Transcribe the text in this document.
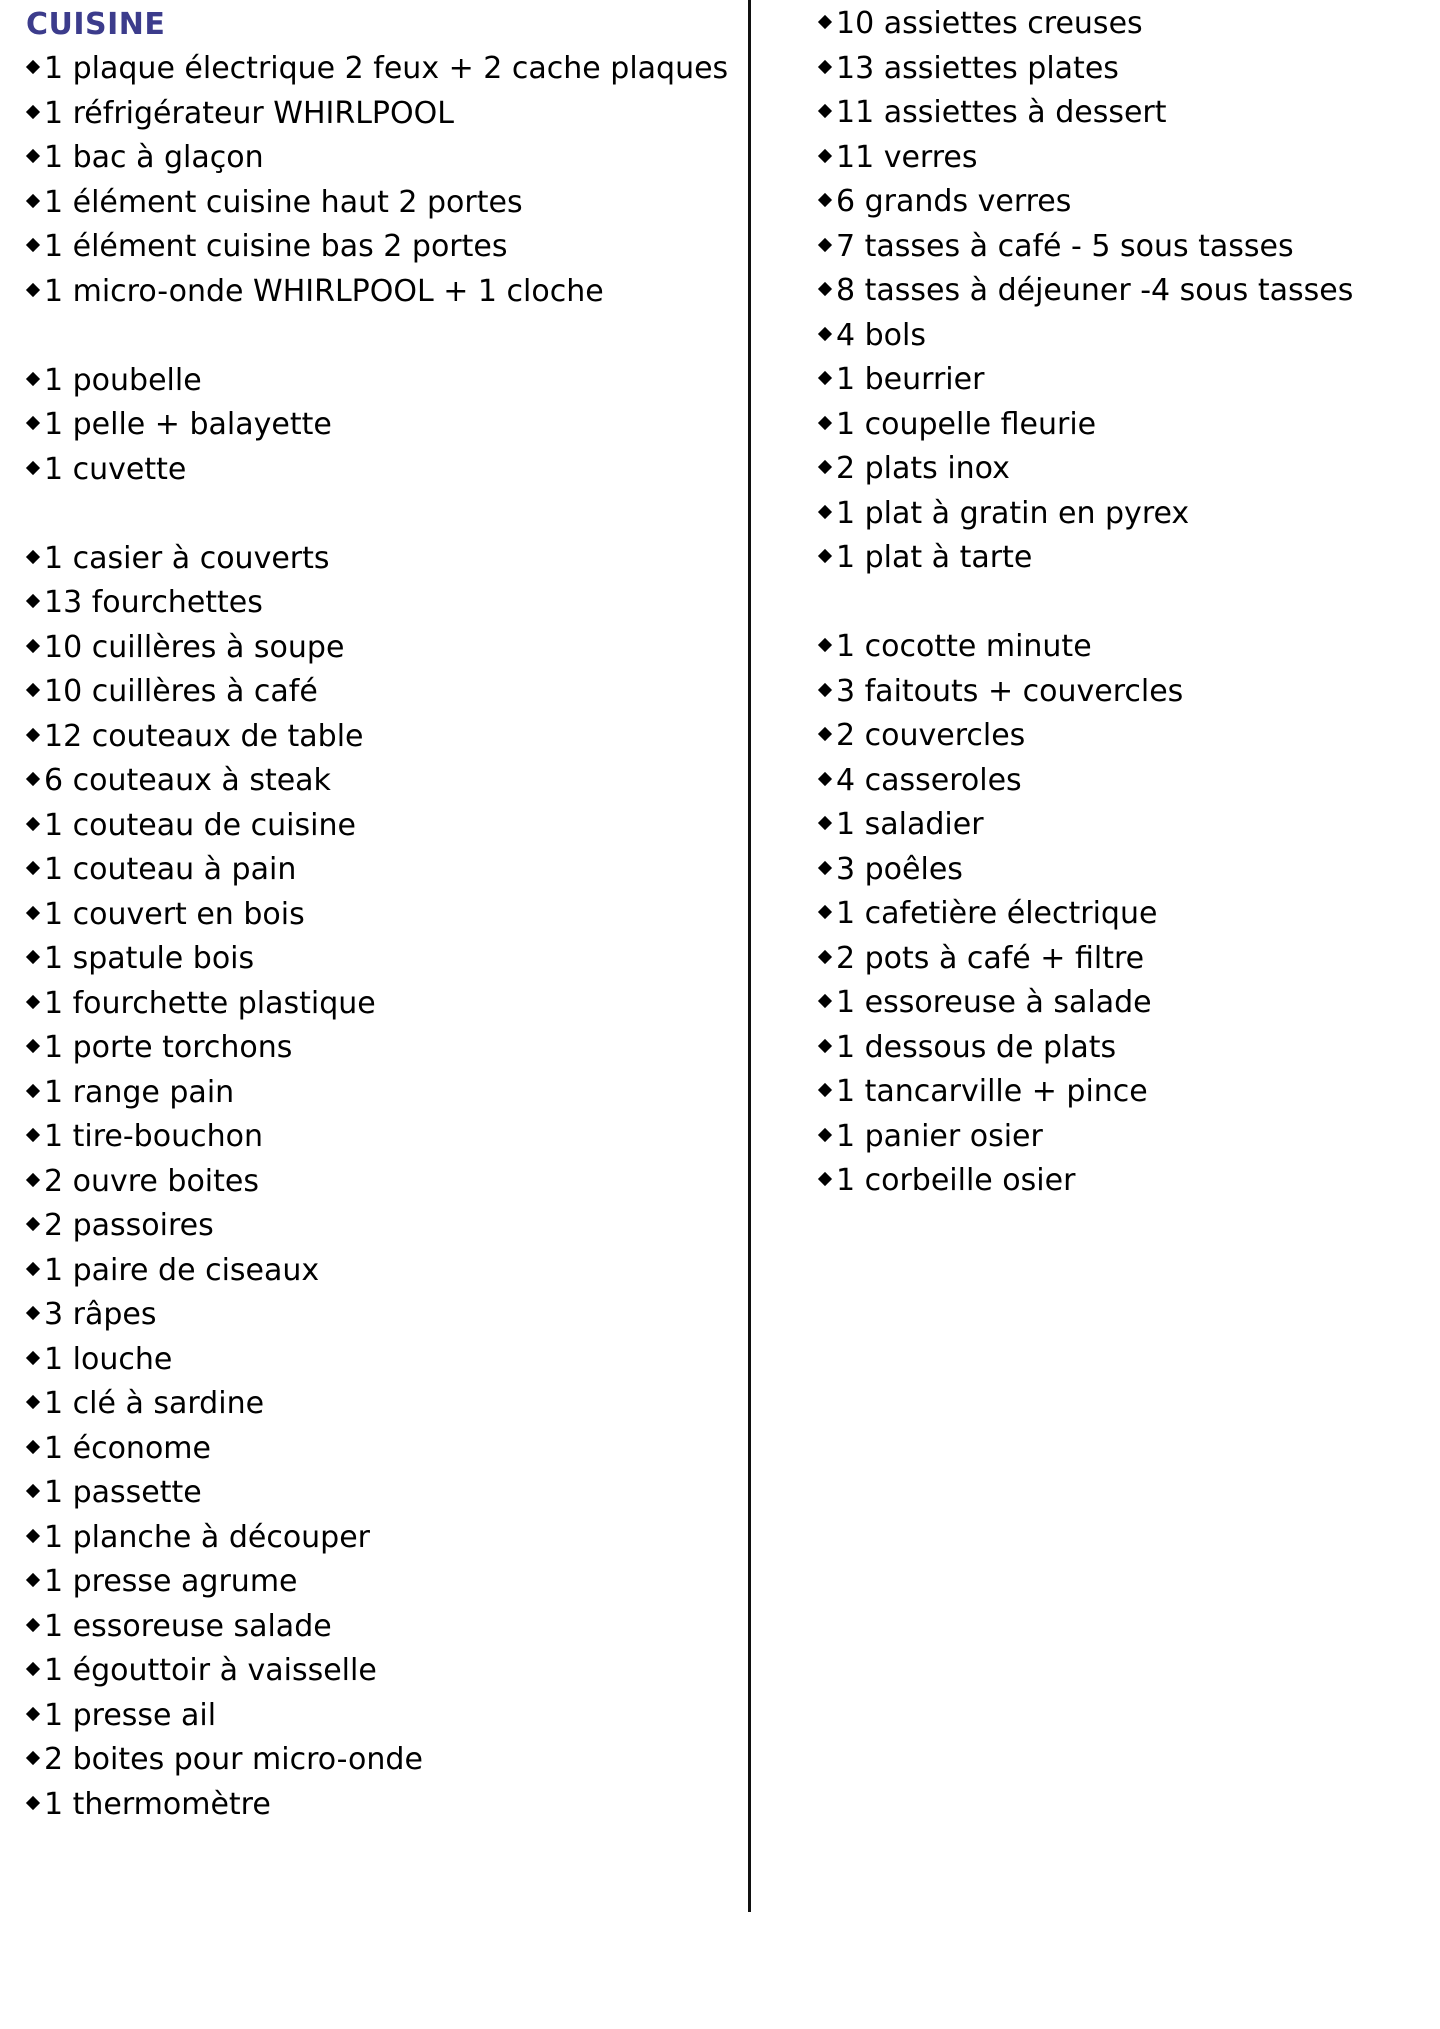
CUISINE
1 plaque électrique 2 feux + 2 cache plaques
1 réfrigérateur WHIRLPOOL
1 bac à glaçon
1 élément cuisine haut 2 portes
1 élément cuisine bas 2 portes
1 micro-onde WHIRLPOOL + 1 cloche
1 poubelle
1 pelle + balayette
1 cuvette
1 casier à couverts
13 fourchettes
10 cuillères à soupe
10 cuillères à café
12 couteaux de table
6 couteaux à steak
1 couteau de cuisine
1 couteau à pain
1 couvert en bois
1 spatule bois
1 fourchette plastique
1 porte torchons
1 range pain
1 tire-bouchon
2 ouvre boites
2 passoires
1 paire de ciseaux
3 râpes
1 louche
1 clé à sardine
1 économe
1 passette
1 planche à découper
1 presse agrume
1 essoreuse salade
1 égouttoir à vaisselle
1 presse ail
2 boites pour micro-onde
1 thermomètre
10 assiettes creuses
13 assiettes plates
11 assiettes à dessert
11 verres
6 grands verres
7 tasses à café - 5 sous tasses
8 tasses à déjeuner -4 sous tasses
4 bols
1 beurrier
1 coupelle fleurie
2 plats inox
1 plat à gratin en pyrex
1 plat à tarte
1 cocotte minute
3 faitouts + couvercles
2 couvercles
4 casseroles
1 saladier
3 poêles
1 cafetière électrique
2 pots à café + filtre
1 essoreuse à salade
1 dessous de plats
1 tancarville + pince
1 panier osier
1 corbeille osier
